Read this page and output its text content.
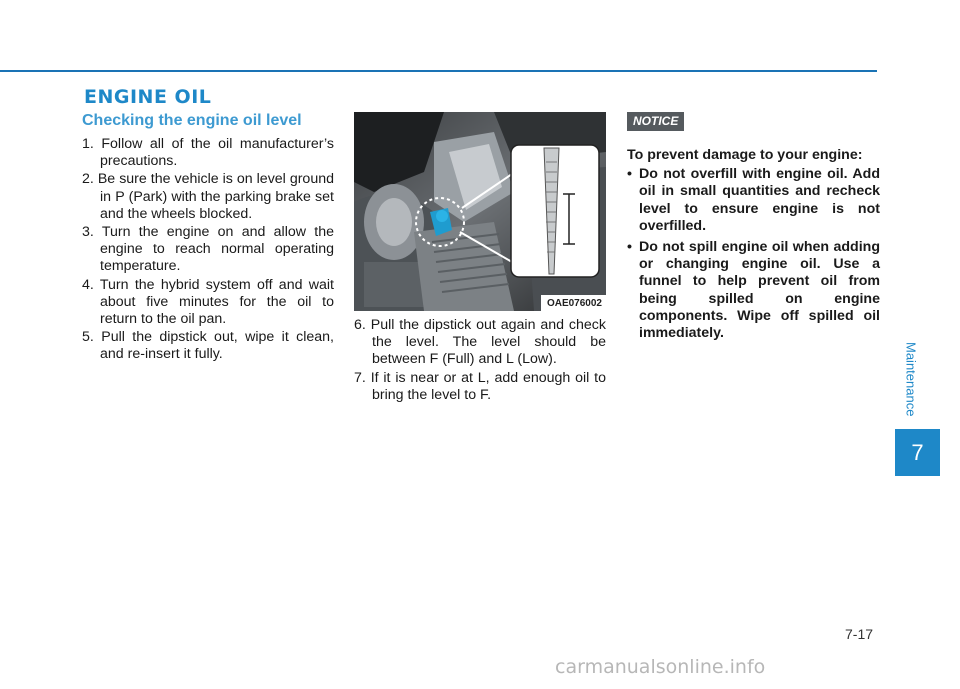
ENGINE OIL
Checking the engine oil level
1. Follow all of the oil manufacturer’s precautions.
2. Be sure the vehicle is on level ground in P (Park) with the parking brake set and the wheels blocked.
3. Turn the engine on and allow the engine to reach normal operating temperature.
4. Turn the hybrid system off and wait about five minutes for the oil to return to the oil pan.
5. Pull the dipstick out, wipe it clean, and re-insert it fully.
OAE076002
6. Pull the dipstick out again and check the level. The level should be between F (Full) and L (Low).
7. If it is near or at L, add enough oil to bring the level to F.
NOTICE

To prevent damage to your engine:

• Do not overfill with engine oil. Add oil in small quantities and recheck level to ensure engine is not overfilled.
• Do not spill engine oil when adding or changing engine oil. Use a funnel to help prevent oil from being spilled on engine components. Wipe off spilled oil immediately.
Maintenance
7
7-17
carmanualsonline.info
